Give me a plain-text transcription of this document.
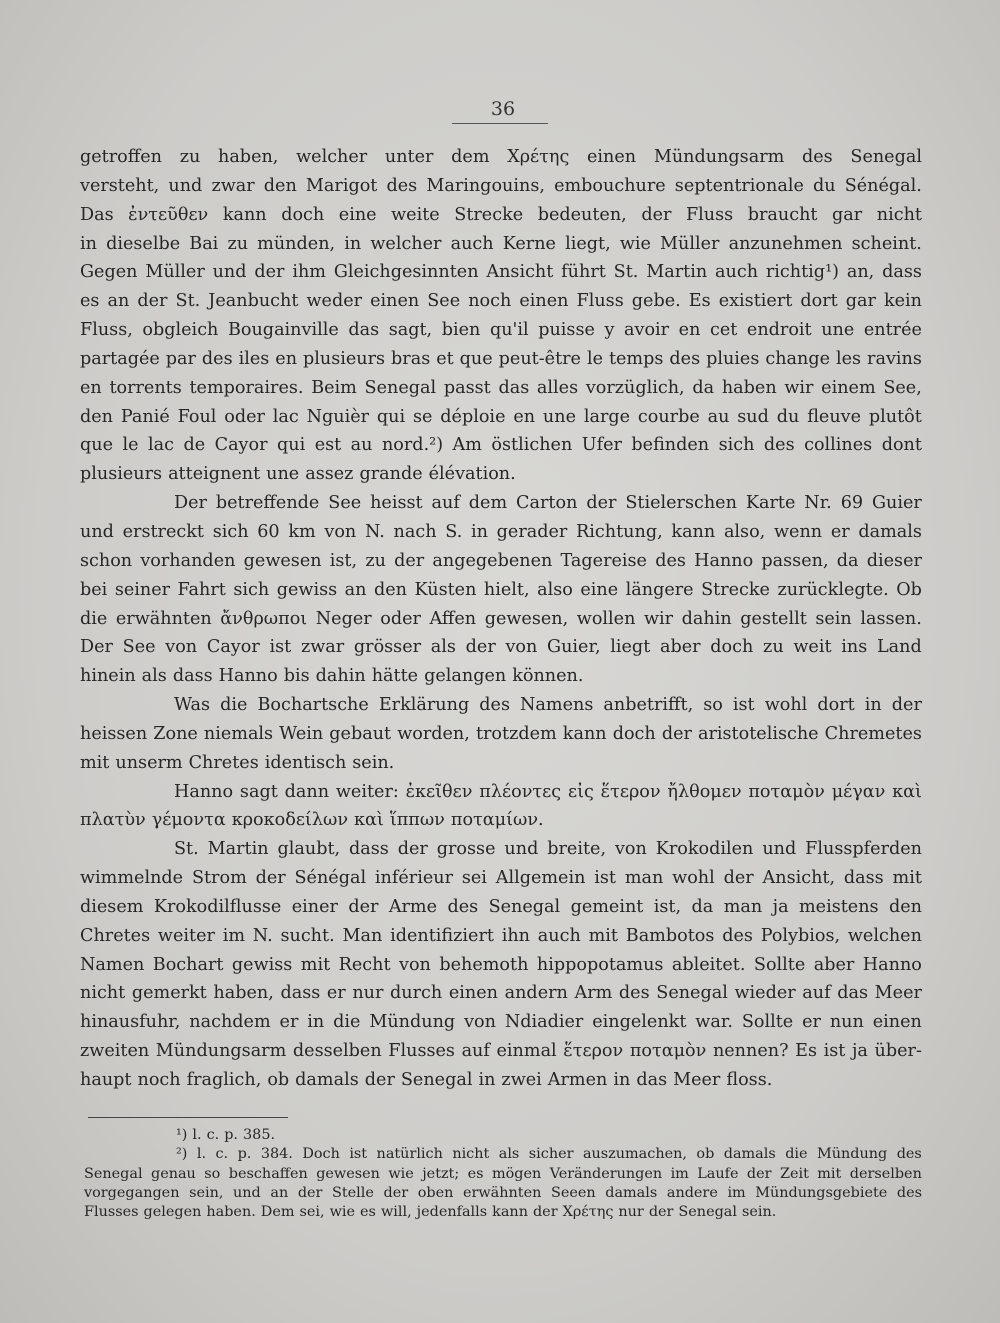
36
getroffen zu haben, welcher unter dem Χρέτης einen Mündungsarm des Senegal
versteht, und zwar den Marigot des Maringouins, embouchure septentrionale du Sénégal.
Das ἐντεῦθεν kann doch eine weite Strecke bedeuten, der Fluss braucht gar nicht
in dieselbe Bai zu münden, in welcher auch Kerne liegt, wie Müller anzunehmen scheint.
Gegen Müller und der ihm Gleichgesinnten Ansicht führt St. Martin auch richtig¹) an, dass
es an der St. Jeanbucht weder einen See noch einen Fluss gebe. Es existiert dort gar kein
Fluss, obgleich Bougainville das sagt, bien qu'il puisse y avoir en cet endroit une entrée
partagée par des iles en plusieurs bras et que peut-être le temps des pluies change les ravins
en torrents temporaires. Beim Senegal passt das alles vorzüglich, da haben wir einem See,
den Panié Foul oder lac Nguièr qui se déploie en une large courbe au sud du fleuve plutôt
que le lac de Cayor qui est au nord.²) Am östlichen Ufer befinden sich des collines dont
plusieurs atteignent une assez grande élévation.
Der betreffende See heisst auf dem Carton der Stielerschen Karte Nr. 69 Guier
und erstreckt sich 60 km von N. nach S. in gerader Richtung, kann also, wenn er damals
schon vorhanden gewesen ist, zu der angegebenen Tagereise des Hanno passen, da dieser
bei seiner Fahrt sich gewiss an den Küsten hielt, also eine längere Strecke zurücklegte. Ob
die erwähnten ἄνθρωποι Neger oder Affen gewesen, wollen wir dahin gestellt sein lassen.
Der See von Cayor ist zwar grösser als der von Guier, liegt aber doch zu weit ins Land
hinein als dass Hanno bis dahin hätte gelangen können.
Was die Bochartsche Erklärung des Namens anbetrifft, so ist wohl dort in der
heissen Zone niemals Wein gebaut worden, trotzdem kann doch der aristotelische Chremetes
mit unserm Chretes identisch sein.
Hanno sagt dann weiter: ἐκεῖθεν πλέοντες εἰς ἕτερον ἤλθομεν ποταμὸν μέγαν καὶ
πλατὺν γέμοντα κροκοδείλων καὶ ἵππων ποταμίων.
St. Martin glaubt, dass der grosse und breite, von Krokodilen und Flusspferden
wimmelnde Strom der Sénégal inférieur sei Allgemein ist man wohl der Ansicht, dass mit
diesem Krokodilflusse einer der Arme des Senegal gemeint ist, da man ja meistens den
Chretes weiter im N. sucht. Man identifiziert ihn auch mit Bambotos des Polybios, welchen
Namen Bochart gewiss mit Recht von behemoth hippopotamus ableitet. Sollte aber Hanno
nicht gemerkt haben, dass er nur durch einen andern Arm des Senegal wieder auf das Meer
hinausfuhr, nachdem er in die Mündung von Ndiadier eingelenkt war. Sollte er nun einen
zweiten Mündungsarm desselben Flusses auf einmal ἕτερον ποταμὸν nennen? Es ist ja über-
haupt noch fraglich, ob damals der Senegal in zwei Armen in das Meer floss.
¹) l. c. p. 385.
²) l. c. p. 384. Doch ist natürlich nicht als sicher auszumachen, ob damals die Mündung des
Senegal genau so beschaffen gewesen wie jetzt; es mögen Veränderungen im Laufe der Zeit mit derselben
vorgegangen sein, und an der Stelle der oben erwähnten Seeen damals andere im Mündungsgebiete des
Flusses gelegen haben. Dem sei, wie es will, jedenfalls kann der Χρέτης nur der Senegal sein.
